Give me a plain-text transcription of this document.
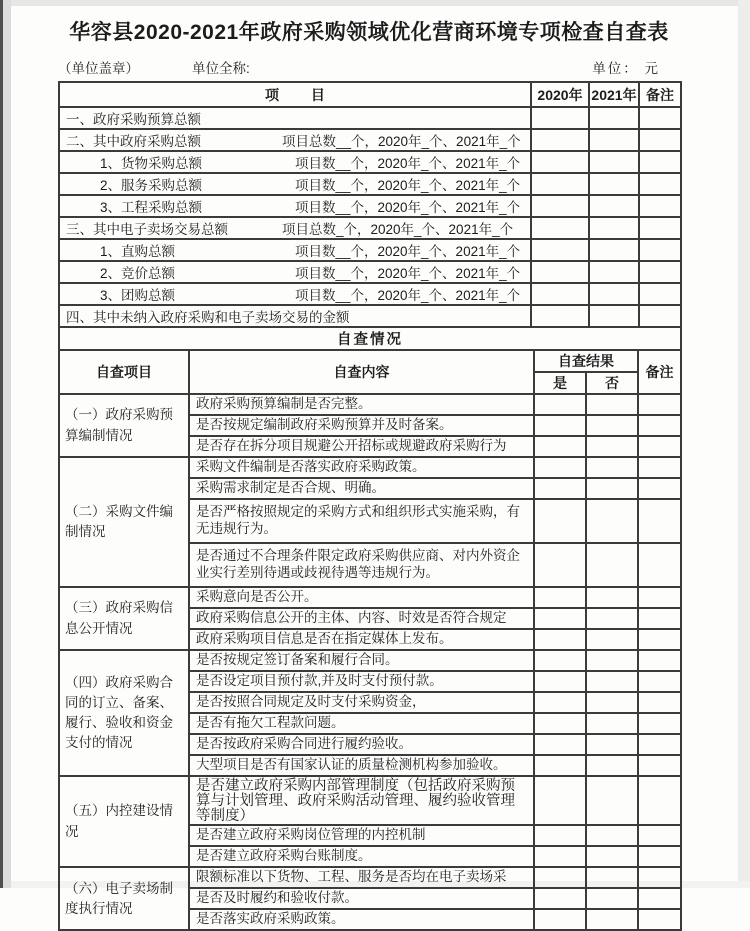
华容县2020-2021年政府采购领域优化营商环境专项检查自查表
（单位盖章）	单位全称:	单位： 元
项 目	2020年	2021年	备注
一、政府采购预算总额

二、其中政府采购总额 项目总数__个，2020年_个、2021年_个			

1、货物采购总额 项目数__个，2020年_个、2021年_个			

2、服务采购总额 项目数__个，2020年_个、2021年_个			

3、工程采购总额 项目数__个，2020年_个、2021年_个			

三、其中电子卖场交易总额 项目总数_个，2020年_个、2021年_个			

1、直购总额 项目数__个，2020年_个、2021年_个			

2、竞价总额 项目数__个，2020年_个、2021年_个			

3、团购总额 项目数__个，2020年_个、2021年_个			

四、其中未纳入政府采购和电子卖场交易的金额

自查情况				
自查项目	自查内容	自查结果		备注
		是	否	
（一）政府采购预算编制情况	政府采购预算编制是否完整。			
	是否按规定编制政府采购预算并及时备案。			
	是否存在拆分项目规避公开招标或规避政府采购行为			
（二）采购文件编制情况	采购文件编制是否落实政府采购政策。			
	采购需求制定是否合规、明确。			
	是否严格按照规定的采购方式和组织形式实施采购，有无违规行为。			
	是否通过不合理条件限定政府采购供应商、对内外资企业实行差别待遇或歧视待遇等违规行为。			
（三）政府采购信息公开情况	采购意向是否公开。			
	政府采购信息公开的主体、内容、时效是否符合规定			
	政府采购项目信息是否在指定媒体上发布。			
（四）政府采购合同的订立、备案、履行、验收和资金支付的情况	是否按规定签订备案和履行合同。			
	是否设定项目预付款,并及时支付预付款。			
	是否按照合同规定及时支付采购资金，			
	是否有拖欠工程款问题。			
	是否按政府采购合同进行履约验收。			
	大型项目是否有国家认证的质量检测机构参加验收。			
（五）内控建设情况	是否建立政府采购内部管理制度（包括政府采购预算与计划管理、政府采购活动管理、履约验收管理等制度）			
	是否建立政府采购岗位管理的内控机制			
	是否建立政府采购台账制度。			
（六）电子卖场制度执行情况	限额标准以下货物、工程、服务是否均在电子卖场采			
	是否及时履约和验收付款。			
	是否落实政府采购政策。			
